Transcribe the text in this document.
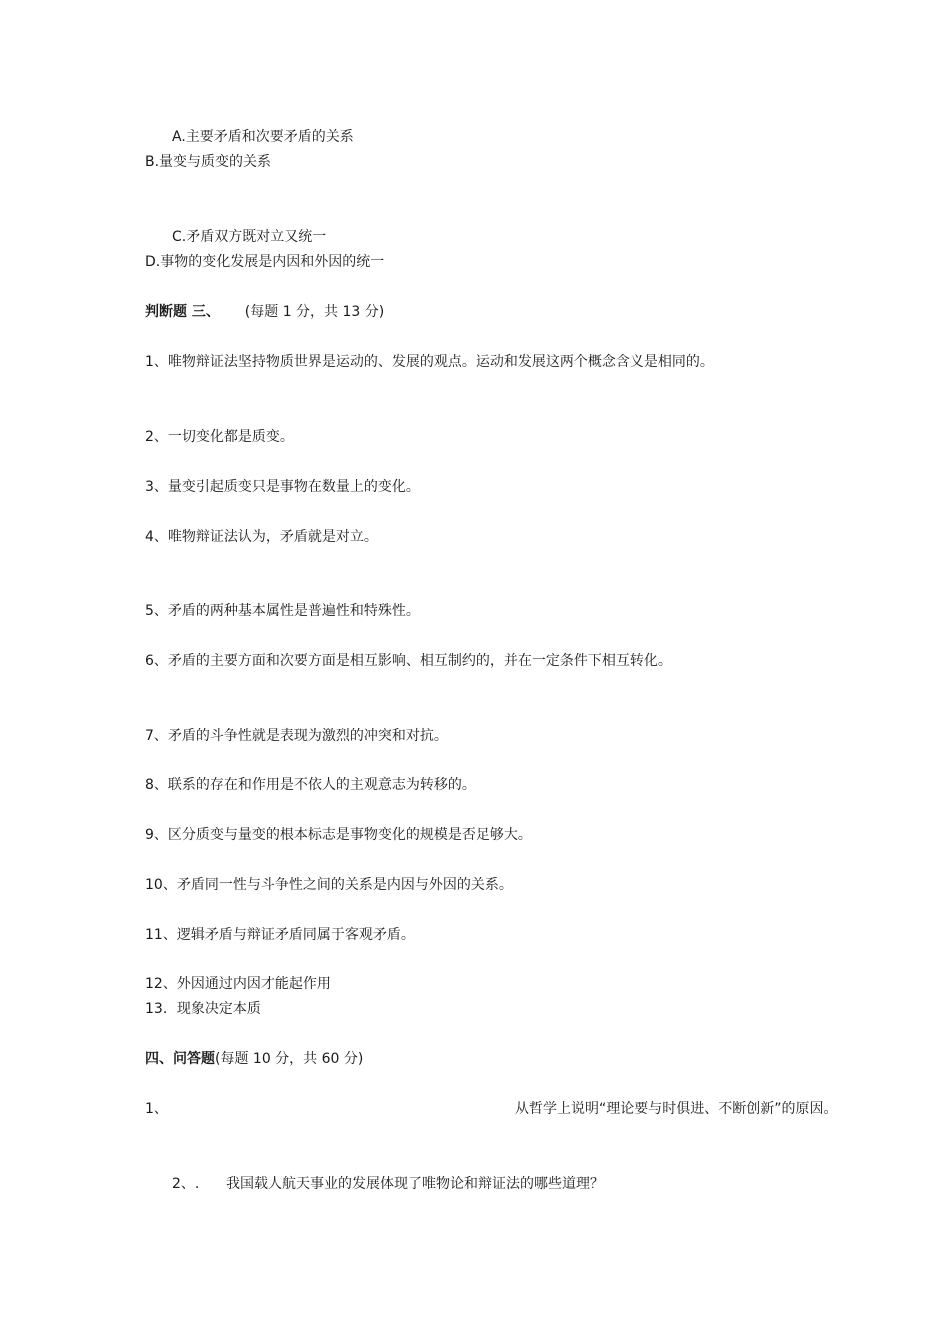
A.主要矛盾和次要矛盾的关系
B.量变与质变的关系
C.矛盾双方既对立又统一
D.事物的变化发展是内因和外因的统一
判断题 三、 (每题 1 分，共 13 分)
1、唯物辩证法坚持物质世界是运动的、发展的观点。运动和发展这两个概念含义是相同的。
2、一切变化都是质变。
3、量变引起质变只是事物在数量上的变化。
4、唯物辩证法认为，矛盾就是对立。
5、矛盾的两种基本属性是普遍性和特殊性。
6、矛盾的主要方面和次要方面是相互影响、相互制约的，并在一定条件下相互转化。
7、矛盾的斗争性就是表现为激烈的冲突和对抗。
8、联系的存在和作用是不依人的主观意志为转移的。
9、区分质变与量变的根本标志是事物变化的规模是否足够大。
10、矛盾同一性与斗争性之间的关系是内因与外因的关系。
11、逻辑矛盾与辩证矛盾同属于客观矛盾。
12、外因通过内因才能起作用
13．现象决定本质
四、问答题(每题 10 分，共 60 分)
1、	从哲学上说明“理论要与时俱进、不断创新”的原因。
2、.      我国载人航天事业的发展体现了唯物论和辩证法的哪些道理？
